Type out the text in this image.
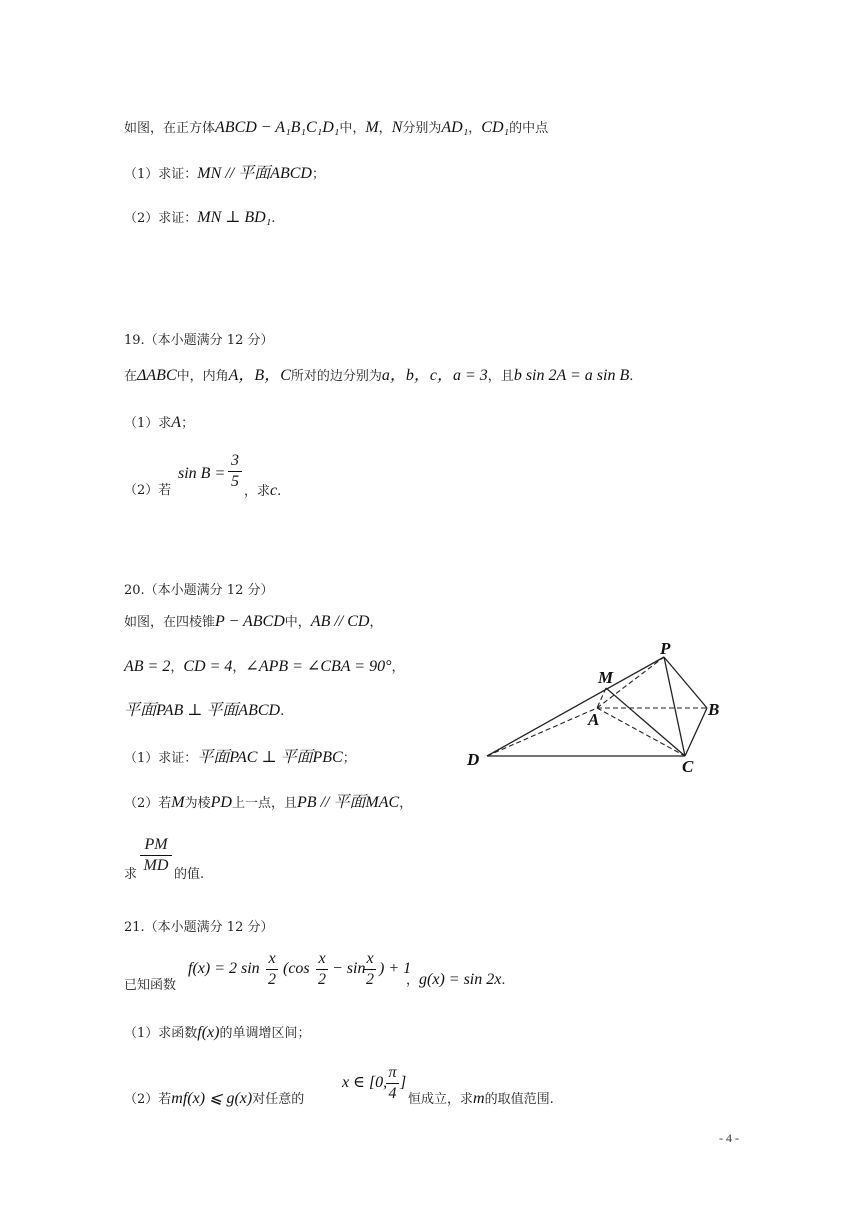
如图，在正方体ABCD − A₁B₁C₁D₁中，M，N分别为AD₁，CD₁的中点
（1）求证：MN // 平面ABCD；
（2）求证：MN ⊥ BD₁.
19.（本小题满分 12 分）
在ΔABC中，内角A，B，C所对的边分别为a，b，c，a = 3，且b sin 2A = a sin B.
（1）求A；
（2）若
sin B =
3
5
，求c.
20.（本小题满分 12 分）
如图，在四棱锥P − ABCD中，AB // CD，
AB = 2，CD = 4，∠APB = ∠CBA = 90°，
平面PAB ⊥ 平面ABCD.
（1）求证：平面PAC ⊥ 平面PBC；
（2）若M为棱PD上一点，且PB // 平面MAC，
PM
MD
求	的值.
P
M
A
B
C
D
21.（本小题满分 12 分）
已知函数
f(x) = 2 sin
x
2
(cos
x
2
− sin
x
2
) + 1
，g(x) = sin 2x.
（1）求函数f(x)的单调增区间；
（2）若mf(x) ⩽ g(x)对任意的
x ∈ [0,
π
4
]
恒成立，求m的取值范围.
- 4 -
